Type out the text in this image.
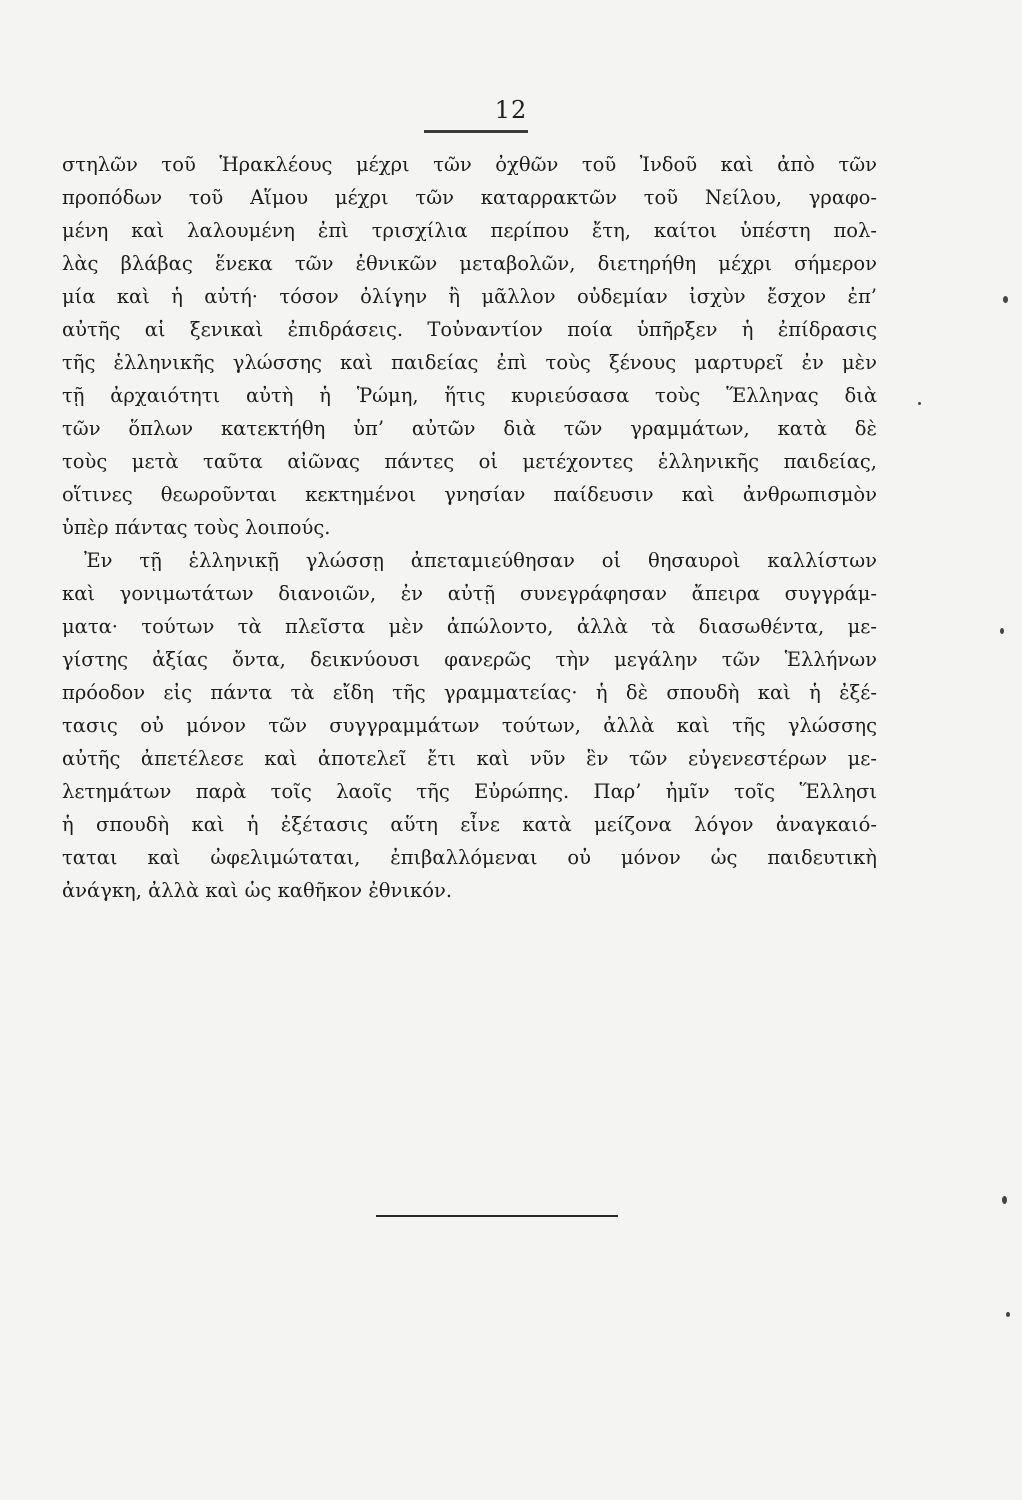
12
στηλῶν τοῦ Ἡρακλέους μέχρι τῶν ὀχθῶν τοῦ Ἰνδοῦ καὶ ἀπὸ τῶν
προπόδων τοῦ Αἵμου μέχρι τῶν καταρρακτῶν τοῦ Νείλου, γραφο-
μένη καὶ λαλουμένη ἐπὶ τρισχίλια περίπου ἔτη, καίτοι ὑπέστη πολ-
λὰς βλάβας ἕνεκα τῶν ἐθνικῶν μεταβολῶν, διετηρήθη μέχρι σήμερον
μία καὶ ἡ αὐτή· τόσον ὀλίγην ἢ μᾶλλον οὐδεμίαν ἰσχὺν ἔσχον ἐπ’
αὐτῆς αἱ ξενικαὶ ἐπιδράσεις. Τοὐναντίον ποία ὑπῆρξεν ἡ ἐπίδρασις
τῆς ἑλληνικῆς γλώσσης καὶ παιδείας ἐπὶ τοὺς ξένους μαρτυρεῖ ἐν μὲν
τῇ ἀρχαιότητι αὐτὴ ἡ Ῥώμη, ἥτις κυριεύσασα τοὺς Ἕλληνας διὰ
τῶν ὅπλων κατεκτήθη ὑπ’ αὐτῶν διὰ τῶν γραμμάτων, κατὰ δὲ
τοὺς μετὰ ταῦτα αἰῶνας πάντες οἱ μετέχοντες ἑλληνικῆς παιδείας,
οἵτινες θεωροῦνται κεκτημένοι γνησίαν παίδευσιν καὶ ἀνθρωπισμὸν
ὑπὲρ πάντας τοὺς λοιπούς.
Ἐν τῇ ἑλληνικῇ γλώσσῃ ἀπεταμιεύθησαν οἱ θησαυροὶ καλλίστων
καὶ γονιμωτάτων διανοιῶν, ἐν αὐτῇ συνεγράφησαν ἄπειρα συγγράμ-
ματα· τούτων τὰ πλεῖστα μὲν ἀπώλοντο, ἀλλὰ τὰ διασωθέντα, με-
γίστης ἀξίας ὄντα, δεικνύουσι φανερῶς τὴν μεγάλην τῶν Ἑλλήνων
πρόοδον εἰς πάντα τὰ εἴδη τῆς γραμματείας· ἡ δὲ σπουδὴ καὶ ἡ ἐξέ-
τασις οὐ μόνον τῶν συγγραμμάτων τούτων, ἀλλὰ καὶ τῆς γλώσσης
αὐτῆς ἀπετέλεσε καὶ ἀποτελεῖ ἔτι καὶ νῦν ἓν τῶν εὐγενεστέρων με-
λετημάτων παρὰ τοῖς λαοῖς τῆς Εὐρώπης. Παρ’ ἡμῖν τοῖς Ἕλλησι
ἡ σπουδὴ καὶ ἡ ἐξέτασις αὕτη εἶνε κατὰ μείζονα λόγον ἀναγκαιό-
ταται καὶ ὠφελιμώταται, ἐπιβαλλόμεναι οὐ μόνον ὡς παιδευτικὴ
ἀνάγκη, ἀλλὰ καὶ ὡς καθῆκον ἐθνικόν.
